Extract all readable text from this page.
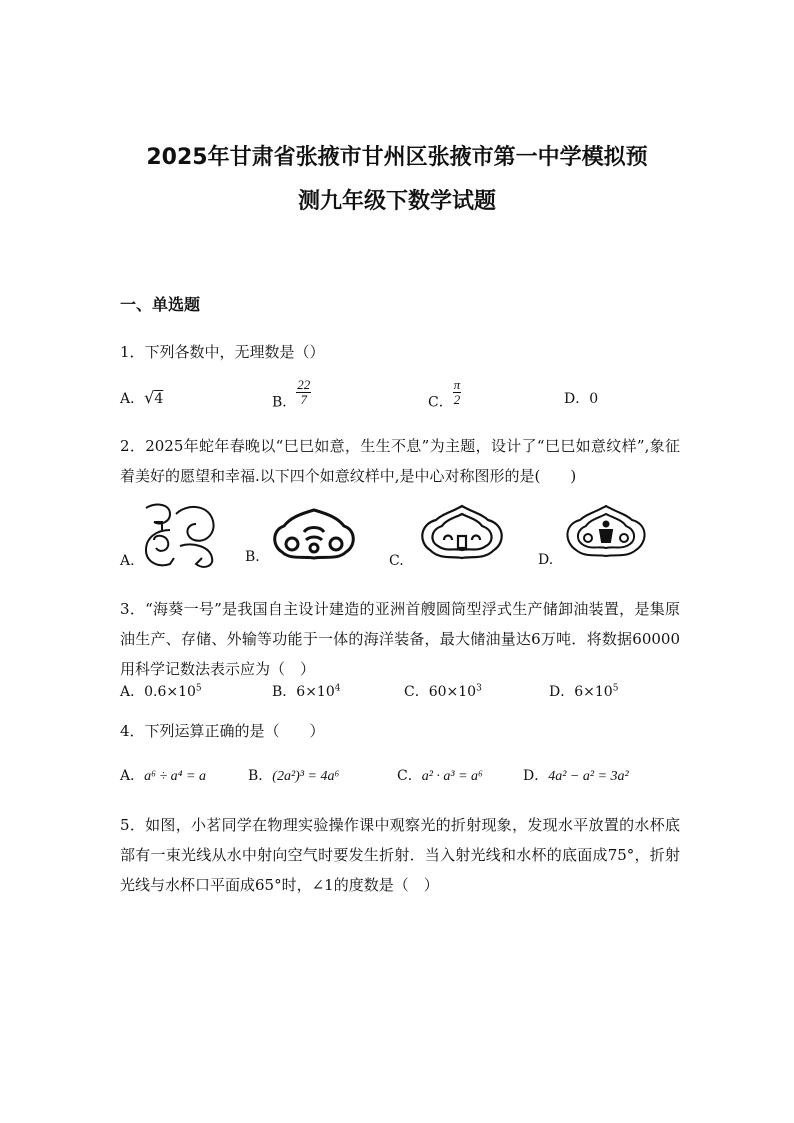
2025年甘肃省张掖市甘州区张掖市第一中学模拟预
测九年级下数学试题
一、单选题
1．下列各数中，无理数是（）
A．√4	B． $\frac{22}{7}$	C． $\frac{\pi}{2}$	D．0
2．2025年蛇年春晚以“巳巳如意，生生不息”为主题，设计了“巳巳如意纹样”,象征着美好的愿望和幸福.以下四个如意纹样中,是中心对称图形的是(　　)
A.	B.	C.	D.
3．“海葵一号”是我国自主设计建造的亚洲首艘圆筒型浮式生产储卸油装置，是集原油生产、存储、外输等功能于一体的海洋装备，最大储油量达6万吨．将数据60000用科学记数法表示应为（　）
A．$0.6\times 10^5$	B．$6\times 10^4$	C．$60\times 10^3$	D．$6\times 10^5$
4．下列运算正确的是（　　）
A．a⁶ ÷ a⁴ = a	B．(2a²)³ = 4a⁶	C．a² · a³ = a⁶	D．4a² − a² = 3a²
5．如图，小茗同学在物理实验操作课中观察光的折射现象，发现水平放置的水杯底部有一束光线从水中射向空气时要发生折射．当入射光线和水杯的底面成75°，折射光线与水杯口平面成65°时，∠1的度数是（　）
